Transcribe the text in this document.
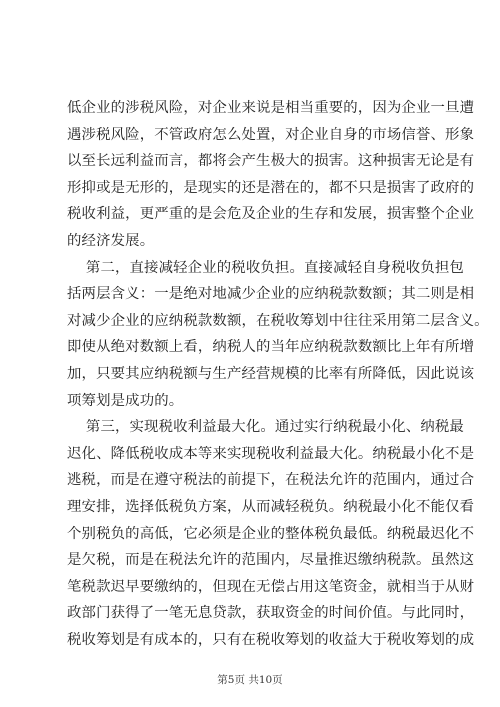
低企业的涉税风险，对企业来说是相当重要的，因为企业一旦遭
遇涉税风险，不管政府怎么处置，对企业自身的市场信誉、形象
以至长远利益而言，都将会产生极大的损害。这种损害无论是有
形抑或是无形的，是现实的还是潜在的，都不只是损害了政府的
税收利益，更严重的是会危及企业的生存和发展，损害整个企业
的经济发展。
第二，直接减轻企业的税收负担。直接减轻自身税收负担包
括两层含义：一是绝对地减少企业的应纳税款数额；其二则是相
对减少企业的应纳税款数额，在税收筹划中往往采用第二层含义。
即使从绝对数额上看，纳税人的当年应纳税款数额比上年有所增
加，只要其应纳税额与生产经营规模的比率有所降低，因此说该
项筹划是成功的。
第三，实现税收利益最大化。通过实行纳税最小化、纳税最
迟化、降低税收成本等来实现税收利益最大化。纳税最小化不是
逃税，而是在遵守税法的前提下，在税法允许的范围内，通过合
理安排，选择低税负方案，从而减轻税负。纳税最小化不能仅看
个别税负的高低，它必须是企业的整体税负最低。纳税最迟化不
是欠税，而是在税法允许的范围内，尽量推迟缴纳税款。虽然这
笔税款迟早要缴纳的，但现在无偿占用这笔资金，就相当于从财
政部门获得了一笔无息贷款，获取资金的时间价值。与此同时，
税收筹划是有成本的，只有在税收筹划的收益大于税收筹划的成
第5页 共10页
